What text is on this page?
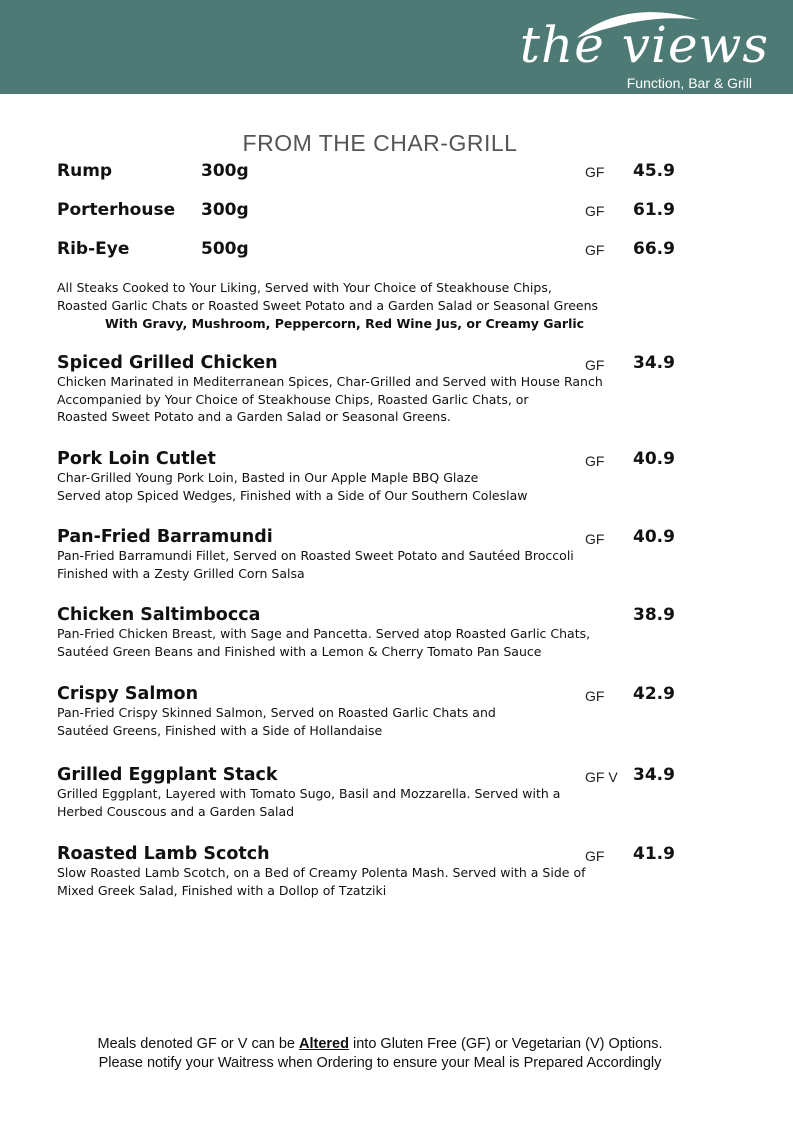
the views
Function, Bar & Grill
FROM THE CHAR-GRILL
Rump	300g	GF 45.9
Porterhouse 300g	GF 61.9
Rib-Eye	500g	GF 66.9
All Steaks Cooked to Your Liking, Served with Your Choice of Steakhouse Chips,
Roasted Garlic Chats or Roasted Sweet Potato and a Garden Salad or Seasonal Greens
With Gravy, Mushroom, Peppercorn, Red Wine Jus, or Creamy Garlic
Spiced Grilled Chicken	GF 34.9
Chicken Marinated in Mediterranean Spices, Char-Grilled and Served with House Ranch
Accompanied by Your Choice of Steakhouse Chips, Roasted Garlic Chats, or
Roasted Sweet Potato and a Garden Salad or Seasonal Greens.
Pork Loin Cutlet	GF 40.9
Char-Grilled Young Pork Loin, Basted in Our Apple Maple BBQ Glaze
Served atop Spiced Wedges, Finished with a Side of Our Southern Coleslaw
Pan-Fried Barramundi	GF 40.9
Pan-Fried Barramundi Fillet, Served on Roasted Sweet Potato and Sautéed Broccoli
Finished with a Zesty Grilled Corn Salsa
Chicken Saltimbocca	38.9
Pan-Fried Chicken Breast, with Sage and Pancetta. Served atop Roasted Garlic Chats,
Sautéed Green Beans and Finished with a Lemon & Cherry Tomato Pan Sauce
Crispy Salmon	GF 42.9
Pan-Fried Crispy Skinned Salmon, Served on Roasted Garlic Chats and
Sautéed Greens, Finished with a Side of Hollandaise
Grilled Eggplant Stack	GF V 34.9
Grilled Eggplant, Layered with Tomato Sugo, Basil and Mozzarella. Served with a
Herbed Couscous and a Garden Salad
Roasted Lamb Scotch	GF 41.9
Slow Roasted Lamb Scotch, on a Bed of Creamy Polenta Mash. Served with a Side of
Mixed Greek Salad, Finished with a Dollop of Tzatziki
Meals denoted GF or V can be Altered into Gluten Free (GF) or Vegetarian (V) Options.
Please notify your Waitress when Ordering to ensure your Meal is Prepared Accordingly
